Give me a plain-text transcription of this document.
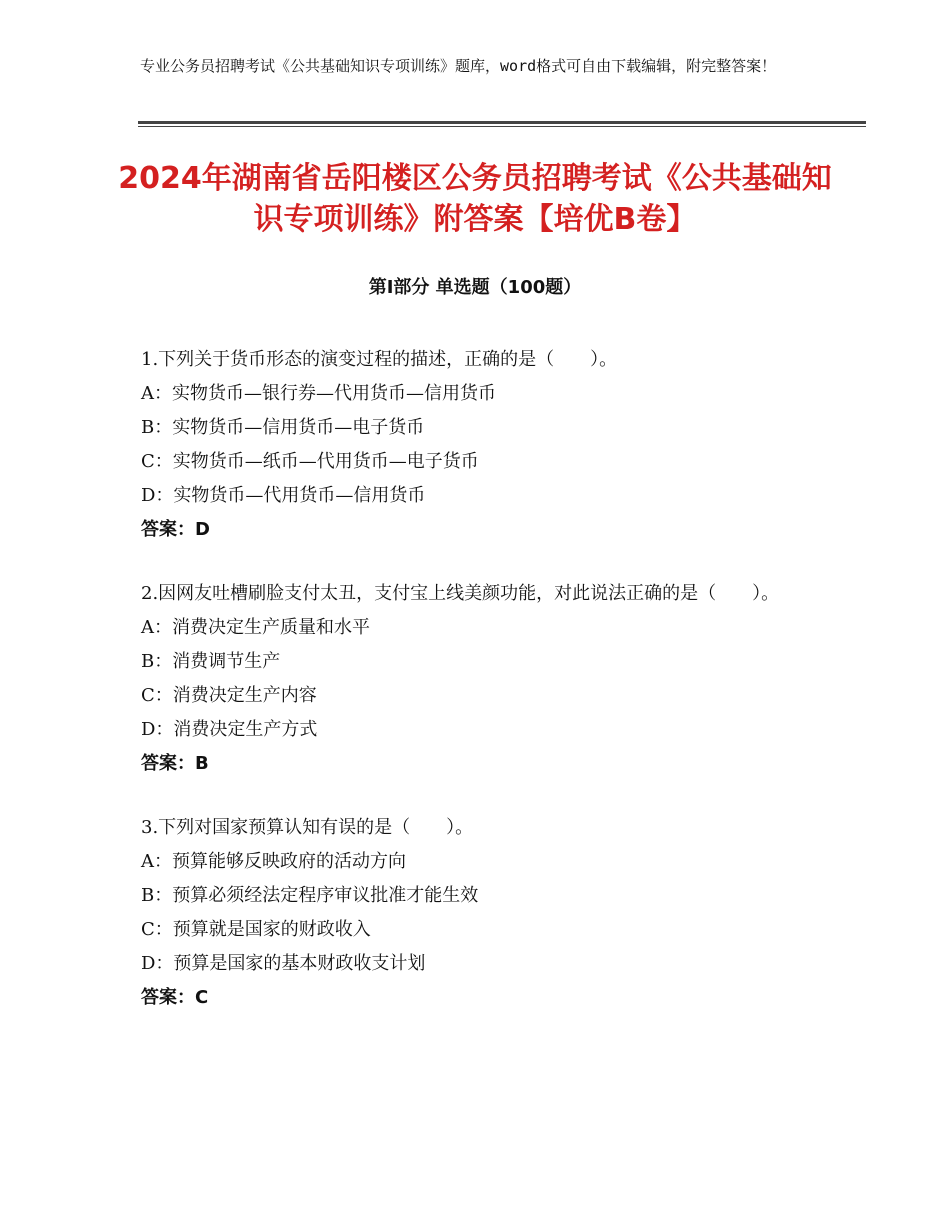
专业公务员招聘考试《公共基础知识专项训练》题库，word格式可自由下载编辑，附完整答案！
2024年湖南省岳阳楼区公务员招聘考试《公共基础知识专项训练》附答案【培优B卷】
第Ⅰ部分 单选题（100题）
1.下列关于货币形态的演变过程的描述，正确的是（　　）。
A：实物货币—银行券—代用货币—信用货币
B：实物货币—信用货币—电子货币
C：实物货币—纸币—代用货币—电子货币
D：实物货币—代用货币—信用货币
答案：D
2.因网友吐槽刷脸支付太丑，支付宝上线美颜功能，对此说法正确的是（　　）。
A：消费决定生产质量和水平
B：消费调节生产
C：消费决定生产内容
D：消费决定生产方式
答案：B
3.下列对国家预算认知有误的是（　　）。
A：预算能够反映政府的活动方向
B：预算必须经法定程序审议批准才能生效
C：预算就是国家的财政收入
D：预算是国家的基本财政收支计划
答案：C
